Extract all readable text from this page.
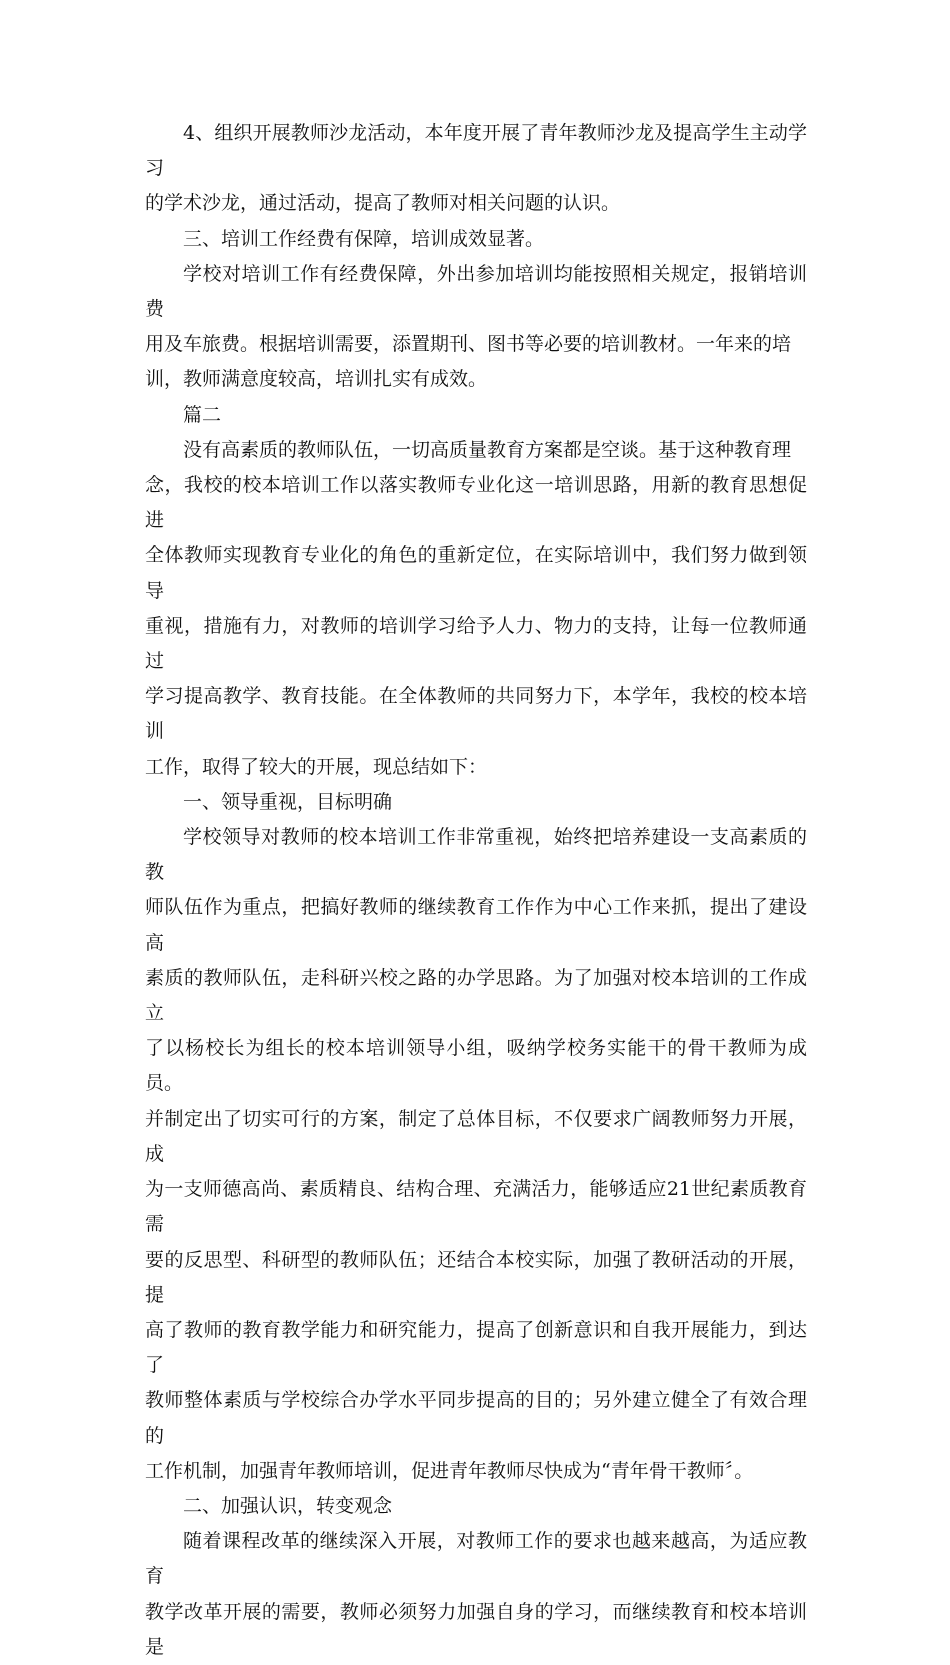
4、组织开展教师沙龙活动，本年度开展了青年教师沙龙及提高学生主动学习
的学术沙龙，通过活动，提高了教师对相关问题的认识。

三、培训工作经费有保障，培训成效显著。

学校对培训工作有经费保障，外出参加培训均能按照相关规定，报销培训费
用及车旅费。根据培训需要，添置期刊、图书等必要的培训教材。一年来的培
训，教师满意度较高，培训扎实有成效。

篇二

没有高素质的教师队伍，一切高质量教育方案都是空谈。基于这种教育理
念，我校的校本培训工作以落实教师专业化这一培训思路，用新的教育思想促进
全体教师实现教育专业化的角色的重新定位，在实际培训中，我们努力做到领导
重视，措施有力，对教师的培训学习给予人力、物力的支持，让每一位教师通过
学习提高教学、教育技能。在全体教师的共同努力下，本学年，我校的校本培训
工作，取得了较大的开展，现总结如下：

一、领导重视，目标明确

学校领导对教师的校本培训工作非常重视，始终把培养建设一支高素质的教
师队伍作为重点，把搞好教师的继续教育工作作为中心工作来抓，提出了建设高
素质的教师队伍，走科研兴校之路的办学思路。为了加强对校本培训的工作成立
了以杨校长为组长的校本培训领导小组，吸纳学校务实能干的骨干教师为成员。
并制定出了切实可行的方案，制定了总体目标，不仅要求广阔教师努力开展，成
为一支师德高尚、素质精良、结构合理、充满活力，能够适应21世纪素质教育需
要的反思型、科研型的教师队伍；还结合本校实际，加强了教研活动的开展，提
高了教师的教育教学能力和研究能力，提高了创新意识和自我开展能力，到达了
教师整体素质与学校综合办学水平同步提高的目的；另外建立健全了有效合理的
工作机制，加强青年教师培训，促进青年教师尽快成为“青年骨干教师〞。

二、加强认识，转变观念

随着课程改革的继续深入开展，对教师工作的要求也越来越高，为适应教育
教学改革开展的需要，教师必须努力加强自身的学习，而继续教育和校本培训是
